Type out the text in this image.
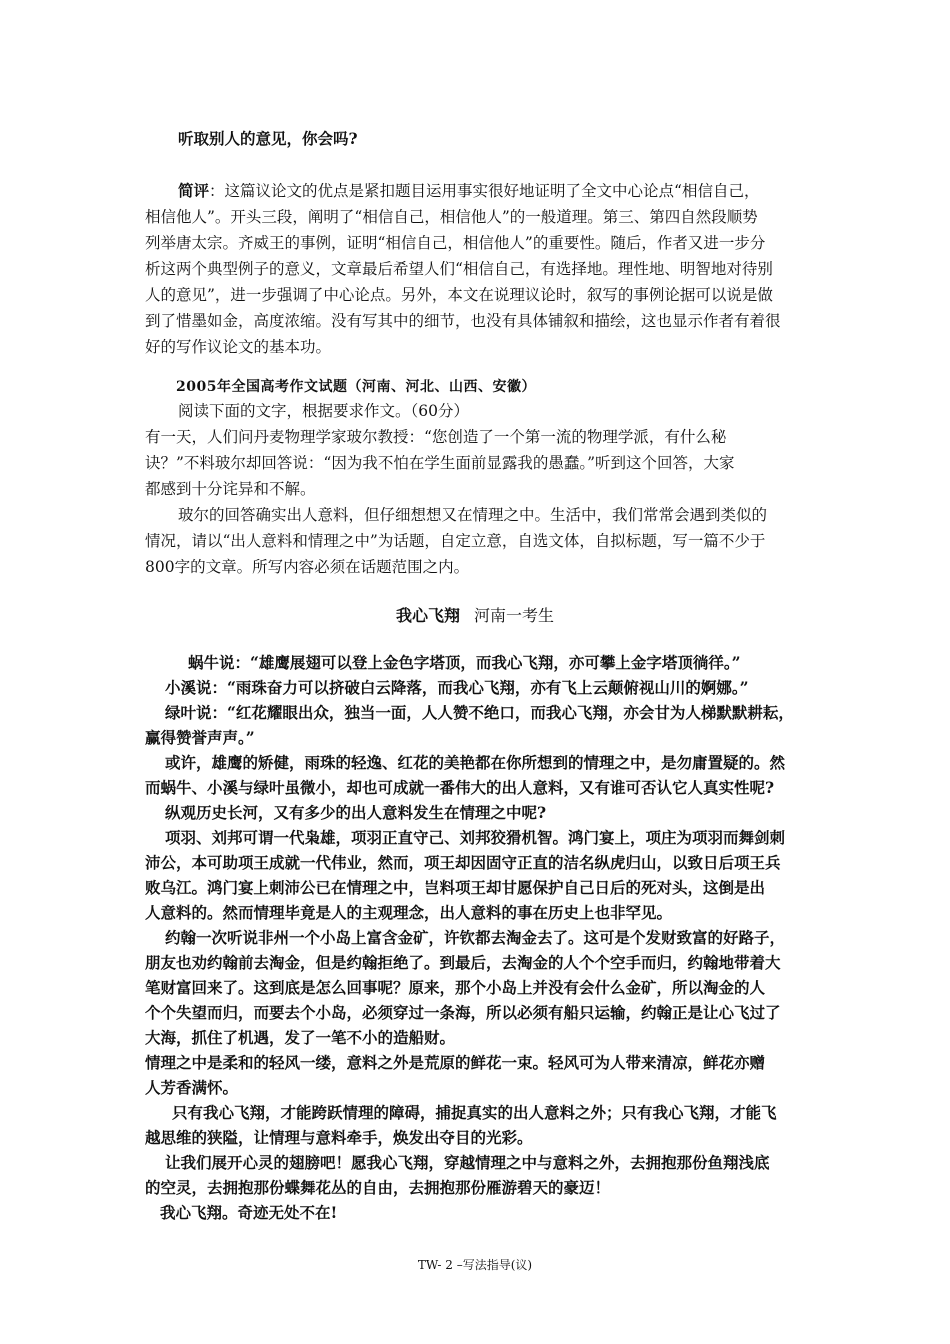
听取别人的意见，你会吗?
简评：这篇议论文的优点是紧扣题目运用事实很好地证明了全文中心论点“相信自己，
相信他人”。开头三段，阐明了“相信自己，相信他人”的一般道理。第三、第四自然段顺势
列举唐太宗。齐威王的事例，证明“相信自己，相信他人”的重要性。随后，作者又进一步分
析这两个典型例子的意义，文章最后希望人们“相信自己，有选择地。理性地、明智地对待别
人的意见”，进一步强调了中心论点。另外，本文在说理议论时，叙写的事例论据可以说是做
到了惜墨如金，高度浓缩。没有写其中的细节，也没有具体铺叙和描绘，这也显示作者有着很
好的写作议论文的基本功。
2005年全国高考作文试题（河南、河北、山西、安徽）
阅读下面的文字，根据要求作文。（60分）
有一天，人们问丹麦物理学家玻尔教授：“您创造了一个第一流的物理学派，有什么秘
诀？”不料玻尔却回答说：“因为我不怕在学生面前显露我的愚蠢。”听到这个回答，大家
都感到十分诧异和不解。
玻尔的回答确实出人意料，但仔细想想又在情理之中。生活中，我们常常会遇到类似的
情况，请以“出人意料和情理之中”为话题，自定立意，自选文体，自拟标题，写一篇不少于
800字的文章。所写内容必须在话题范围之内。
我心飞翔 河南一考生
蜗牛说：“雄鹰展翅可以登上金色字塔顶，而我心飞翔，亦可攀上金字塔顶徜徉。”
小溪说：“雨珠奋力可以挤破白云降落，而我心飞翔，亦有飞上云颠俯视山川的婀娜。”
绿叶说：“红花耀眼出众，独当一面，人人赞不绝口，而我心飞翔，亦会甘为人梯默默耕耘，
赢得赞誉声声。”
或许，雄鹰的矫健，雨珠的轻逸、红花的美艳都在你所想到的情理之中，是勿庸置疑的。然
而蜗牛、小溪与绿叶虽微小，却也可成就一番伟大的出人意料，又有谁可否认它人真实性呢?
纵观历史长河，又有多少的出人意料发生在情理之中呢?
项羽、刘邦可谓一代枭雄，项羽正直守己、刘邦狡猾机智。鸿门宴上，项庄为项羽而舞剑刺
沛公，本可助项王成就一代伟业，然而，项王却因固守正直的洁名纵虎归山，以致日后项王兵
败乌江。鸿门宴上刺沛公已在情理之中，岂料项王却甘愿保护自己日后的死对头，这倒是出
人意料的。然而情理毕竟是人的主观理念，出人意料的事在历史上也非罕见。
约翰一次听说非州一个小岛上富含金矿，许钦都去淘金去了。这可是个发财致富的好路子，
朋友也劝约翰前去淘金，但是约翰拒绝了。到最后，去淘金的人个个空手而归，约翰地带着大
笔财富回来了。这到底是怎么回事呢？原来，那个小岛上并没有会什么金矿，所以淘金的人
个个失望而归，而要去个小岛，必须穿过一条海，所以必须有船只运输，约翰正是让心飞过了
大海，抓住了机遇，发了一笔不小的造船财。
情理之中是柔和的轻风一缕，意料之外是荒原的鲜花一束。轻风可为人带来清凉，鲜花亦赠
人芳香满怀。
只有我心飞翔，才能跨跃情理的障碍，捕捉真实的出人意料之外；只有我心飞翔，才能飞
越思维的狭隘，让情理与意料牵手，焕发出夺目的光彩。
让我们展开心灵的翅膀吧！愿我心飞翔，穿越情理之中与意料之外，去拥抱那份鱼翔浅底
的空灵，去拥抱那份蝶舞花丛的自由，去拥抱那份雁游碧天的豪迈！
我心飞翔。奇迹无处不在!
TW- 2 –写法指导(议)
